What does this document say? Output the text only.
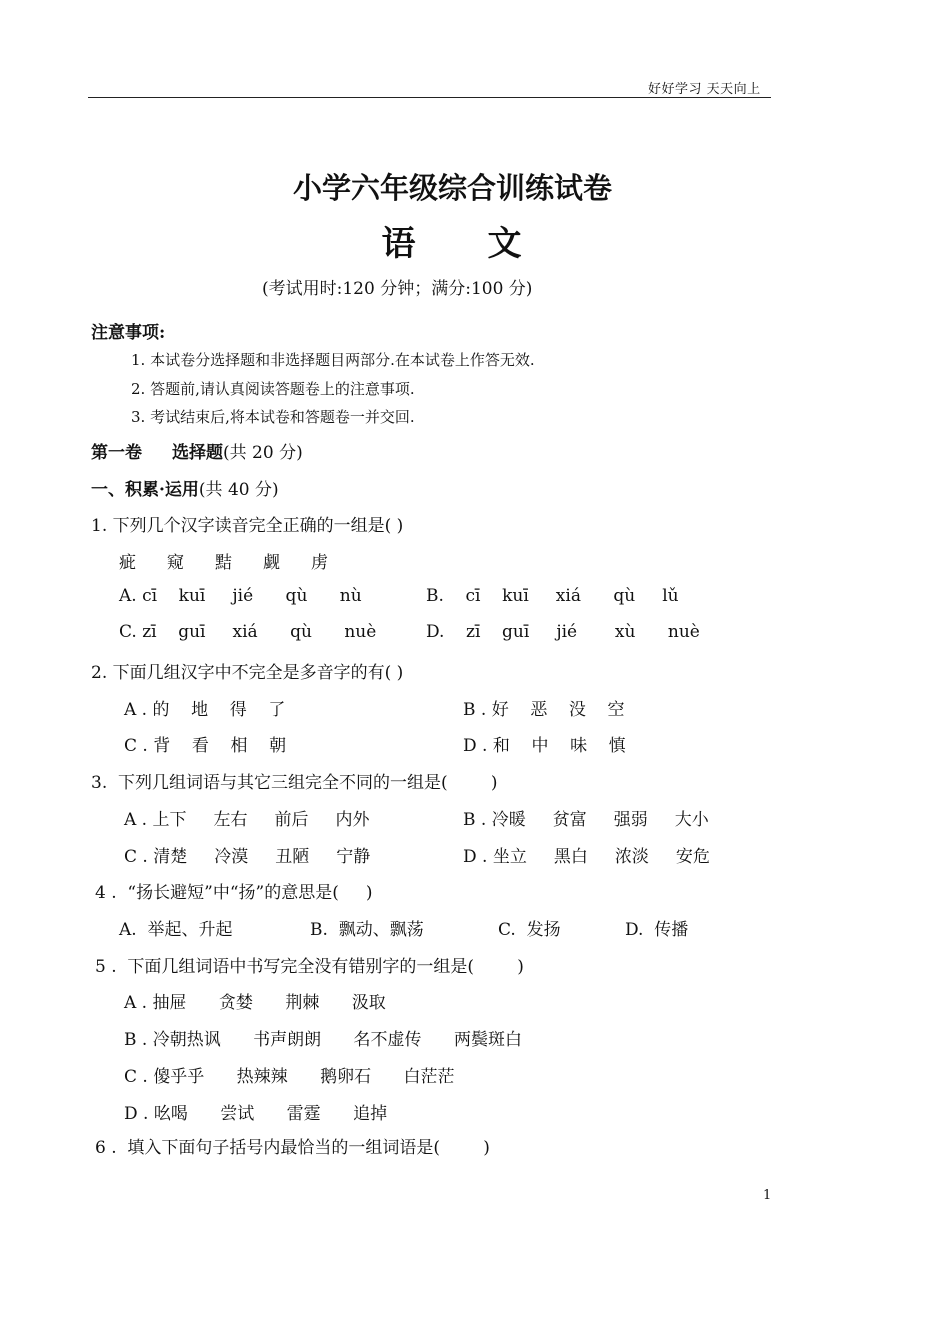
好好学习 天天向上
小学六年级综合训练试卷
语 文
(考试用时:120 分钟；满分:100 分)
注意事项:
1. 本试卷分选择题和非选择题目两部分.在本试卷上作答无效.
2. 答题前,请认真阅读答题卷上的注意事项.
3. 考试结束后,将本试卷和答题卷一并交回.
第一卷 选择题(共 20 分)
一、积累·运用(共 40 分)
1. 下列几个汉字读音完全正确的一组是( )
疵 窥 黠 觑 虏
A. cī    kuī     jié      qù      nù	B.    cī    kuī     xiá      qù     lǔ
C. zī    guī     xiá      qù      nuè	D.    zī    guī     jié       xù      nuè
2. 下面几组汉字中不完全是多音字的有( )
A . 的    地    得    了	B . 好    恶    没    空
C . 背    看    相    朝	D . 和    中    味    慎
3.  下列几组词语与其它三组完全不同的一组是(        )
A . 上下     左右     前后     内外	B . 冷暖     贫富     强弱     大小
C . 清楚     冷漠     丑陋     宁静	D . 坐立     黑白     浓淡     安危
4 .  “扬长避短”中“扬”的意思是(     )
A.  举起、升起	B.  飘动、飘荡	C.  发扬	D.  传播
5 .  下面几组词语中书写完全没有错别字的一组是(        )
A . 抽屉      贪婪      荆棘      汲取
B . 冷朝热讽      书声朗朗      名不虚传      两鬓斑白
C . 傻乎乎      热辣辣      鹅卵石      白茫茫
D . 吆喝      尝试      雷霆      追掉
6 .  填入下面句子括号内最恰当的一组词语是(        )
1
